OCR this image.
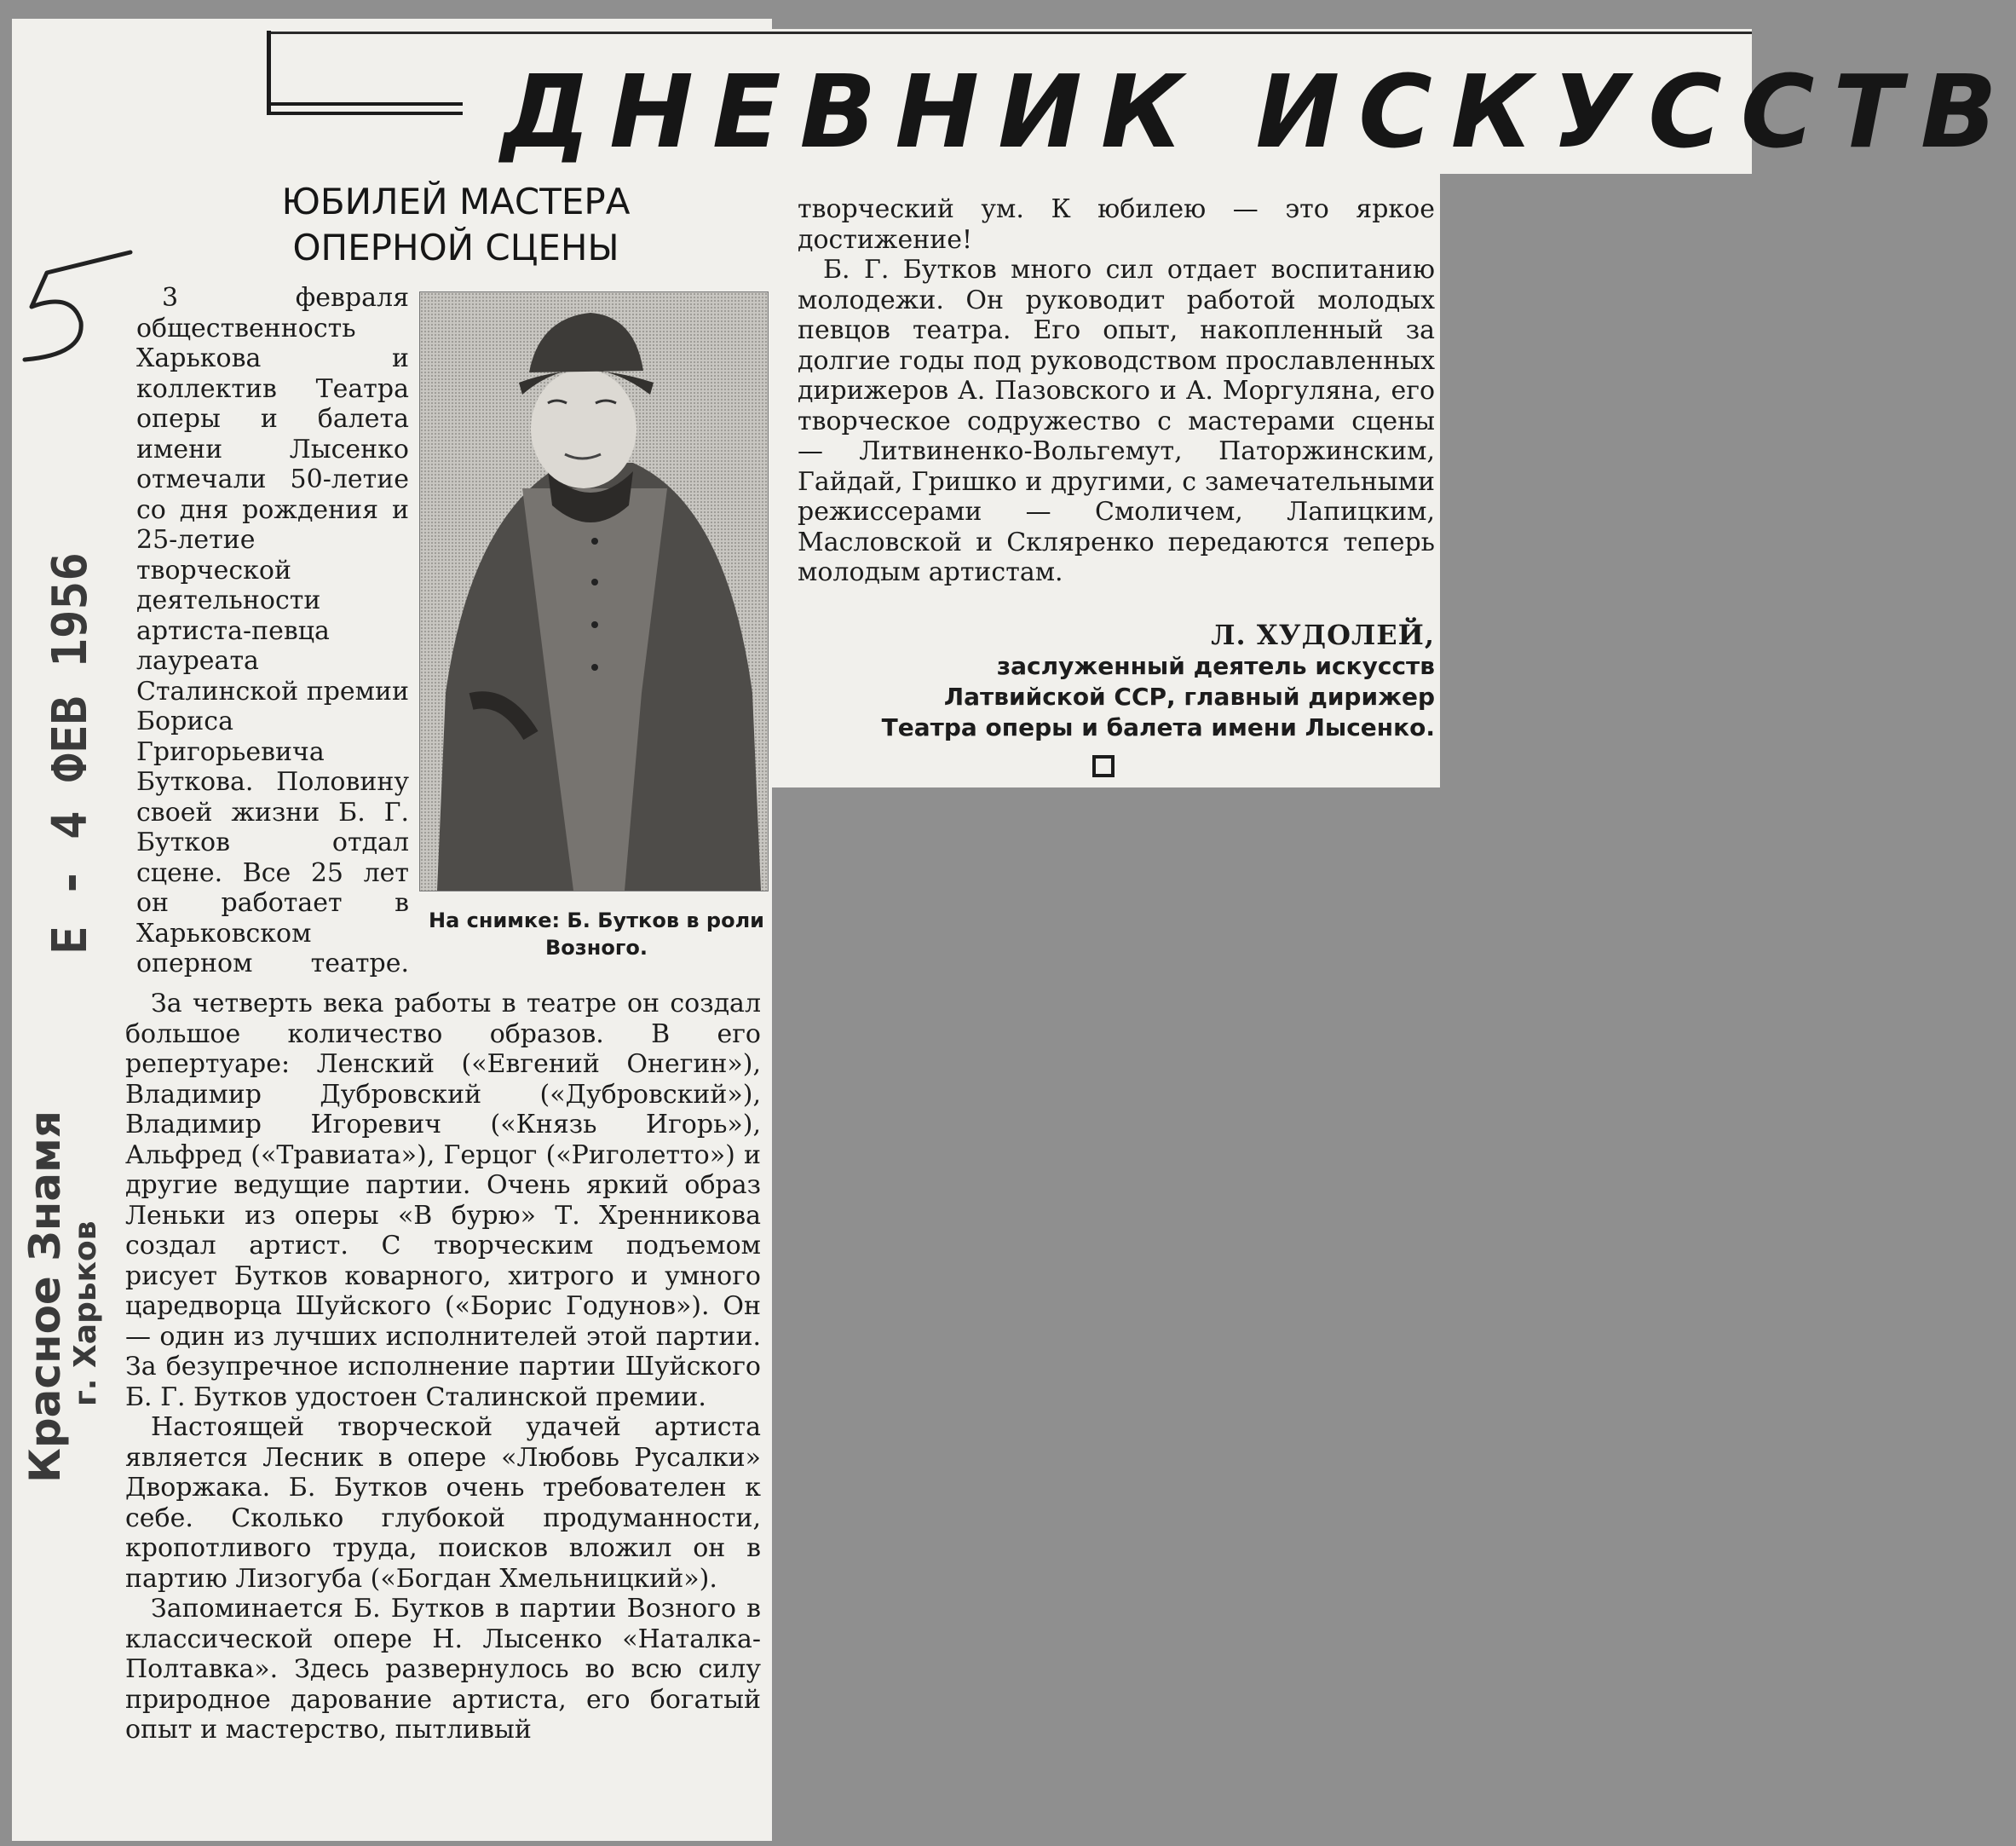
ДНЕВНИК ИСКУССТВ
ЮБИЛЕЙ МАСТЕРА
ОПЕРНОЙ СЦЕНЫ

3 февраля общественность Харькова и коллектив Театра оперы и балета имени Лысенко отмечали 50-летие со дня рождения и 25-летие творческой деятельности артиста-певца лауреата Сталинской премии Бориса Григорьевича Буткова. Половину своей жизни Б. Г. Бутков отдал сцене. Все 25 лет он работает в Харьковском оперном театре.

На снимке: Б. Бутков в роли Возного.

За четверть века работы в театре он создал большое количество образов. В его репертуаре: Ленский («Евгений Онегин»), Владимир Дубровский («Дубровский»), Владимир Игоревич («Князь Игорь»), Альфред («Травиата»), Герцог («Риголетто») и другие ведущие партии. Очень яркий образ Леньки из оперы «В бурю» Т. Хренникова создал артист. С творческим подъемом рисует Бутков коварного, хитрого и умного царедворца Шуйского («Борис Годунов»). Он — один из лучших исполнителей этой партии. За безупречное исполнение партии Шуйского Б. Г. Бутков удостоен Сталинской премии.

Настоящей творческой удачей артиста является Лесник в опере «Любовь Русалки» Дворжака. Б. Бутков очень требователен к себе. Сколько глубокой продуманности, кропотливого труда, поисков вложил он в партию Лизогуба («Богдан Хмельницкий»).

Запоминается Б. Бутков в партии Возного в классической опере Н. Лысенко «Наталка-Полтавка». Здесь развернулось во всю силу природное дарование артиста, его богатый опыт и мастерство, пытливый

творческий ум. К юбилею — это яркое достижение!

Б. Г. Бутков много сил отдает воспитанию молодежи. Он руководит работой молодых певцов театра. Его опыт, накопленный за долгие годы под руководством прославленных дирижеров А. Пазовского и А. Моргуляна, его творческое содружество с мастерами сцены — Литвиненко-Вольгемут, Паторжинским, Гайдай, Гришко и другими, с замечательными режиссерами — Смоличем, Лапицким, Масловской и Скляренко передаются теперь молодым артистам.

Л. ХУДОЛЕЙ,
заслуженный деятель искусств Латвийской ССР, главный дирижер Театра оперы и балета имени Лысенко.
Е - 4 ФЕВ 1956
Красное Знамя
г. Харьков
